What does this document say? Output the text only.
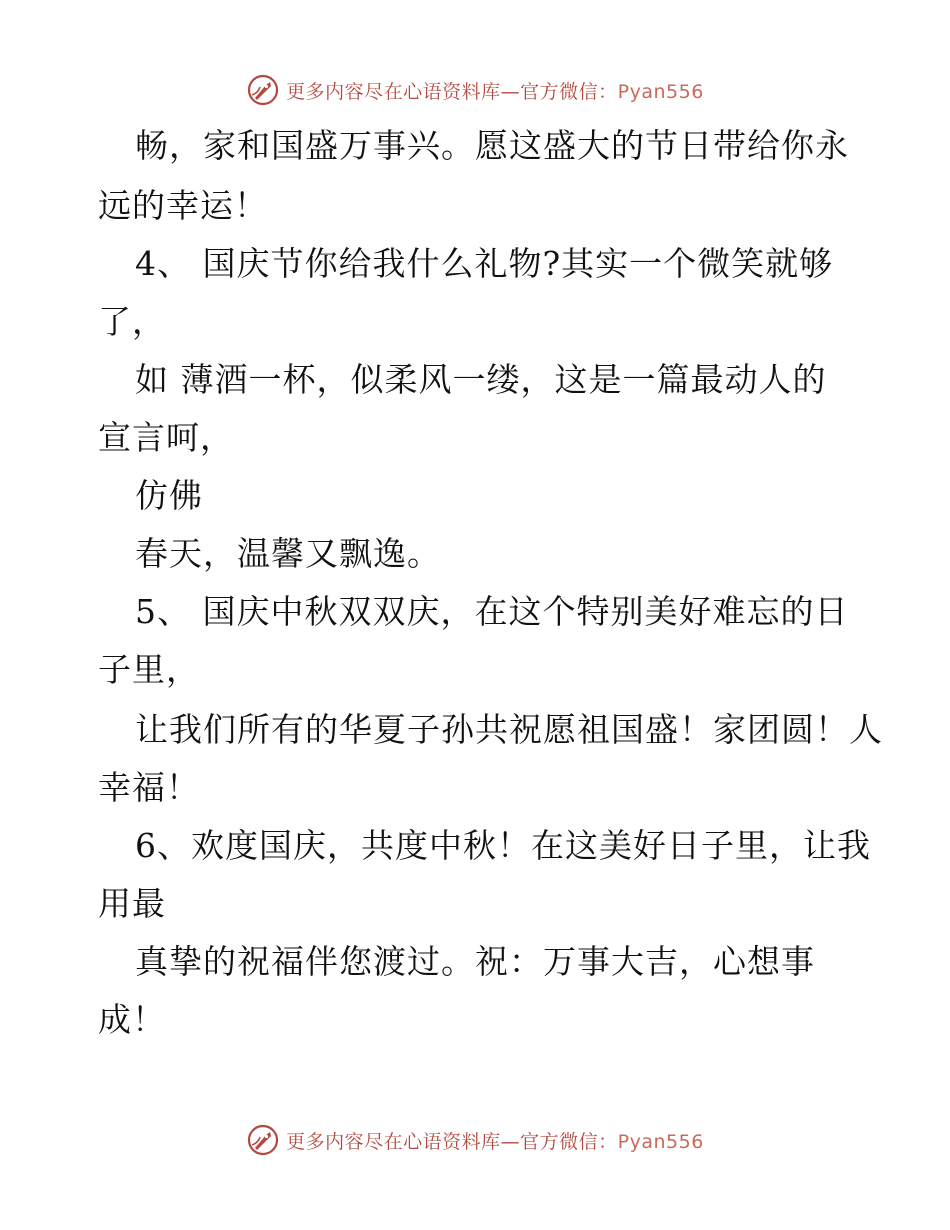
更多内容尽在心语资料库—官方微信：Pyan556
畅，家和国盛万事兴。愿这盛大的节日带给你永
远的幸运！
4、 国庆节你给我什么礼物?其实一个微笑就够
了，
如 薄酒一杯，似柔风一缕，这是一篇最动人的
宣言呵，
仿佛
春天，温馨又飘逸。
5、 国庆中秋双双庆，在这个特别美好难忘的日
子里，
让我们所有的华夏子孙共祝愿祖国盛！家团圆！人
幸福！
6、欢度国庆，共度中秋！在这美好日子里，让我
用最
真挚的祝福伴您渡过。祝：万事大吉，心想事
成！
更多内容尽在心语资料库—官方微信：Pyan556
